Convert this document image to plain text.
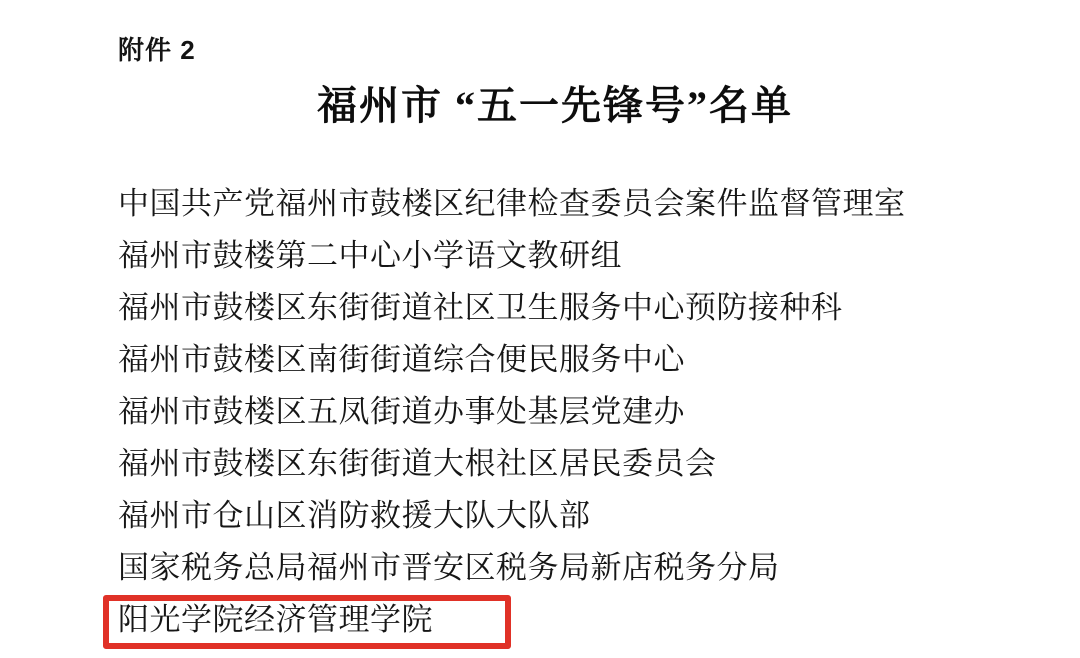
附件 2
福州市 “五一先锋号”名单
中国共产党福州市鼓楼区纪律检查委员会案件监督管理室
福州市鼓楼第二中心小学语文教研组
福州市鼓楼区东街街道社区卫生服务中心预防接种科
福州市鼓楼区南街街道综合便民服务中心
福州市鼓楼区五凤街道办事处基层党建办
福州市鼓楼区东街街道大根社区居民委员会
福州市仓山区消防救援大队大队部
国家税务总局福州市晋安区税务局新店税务分局
阳光学院经济管理学院
